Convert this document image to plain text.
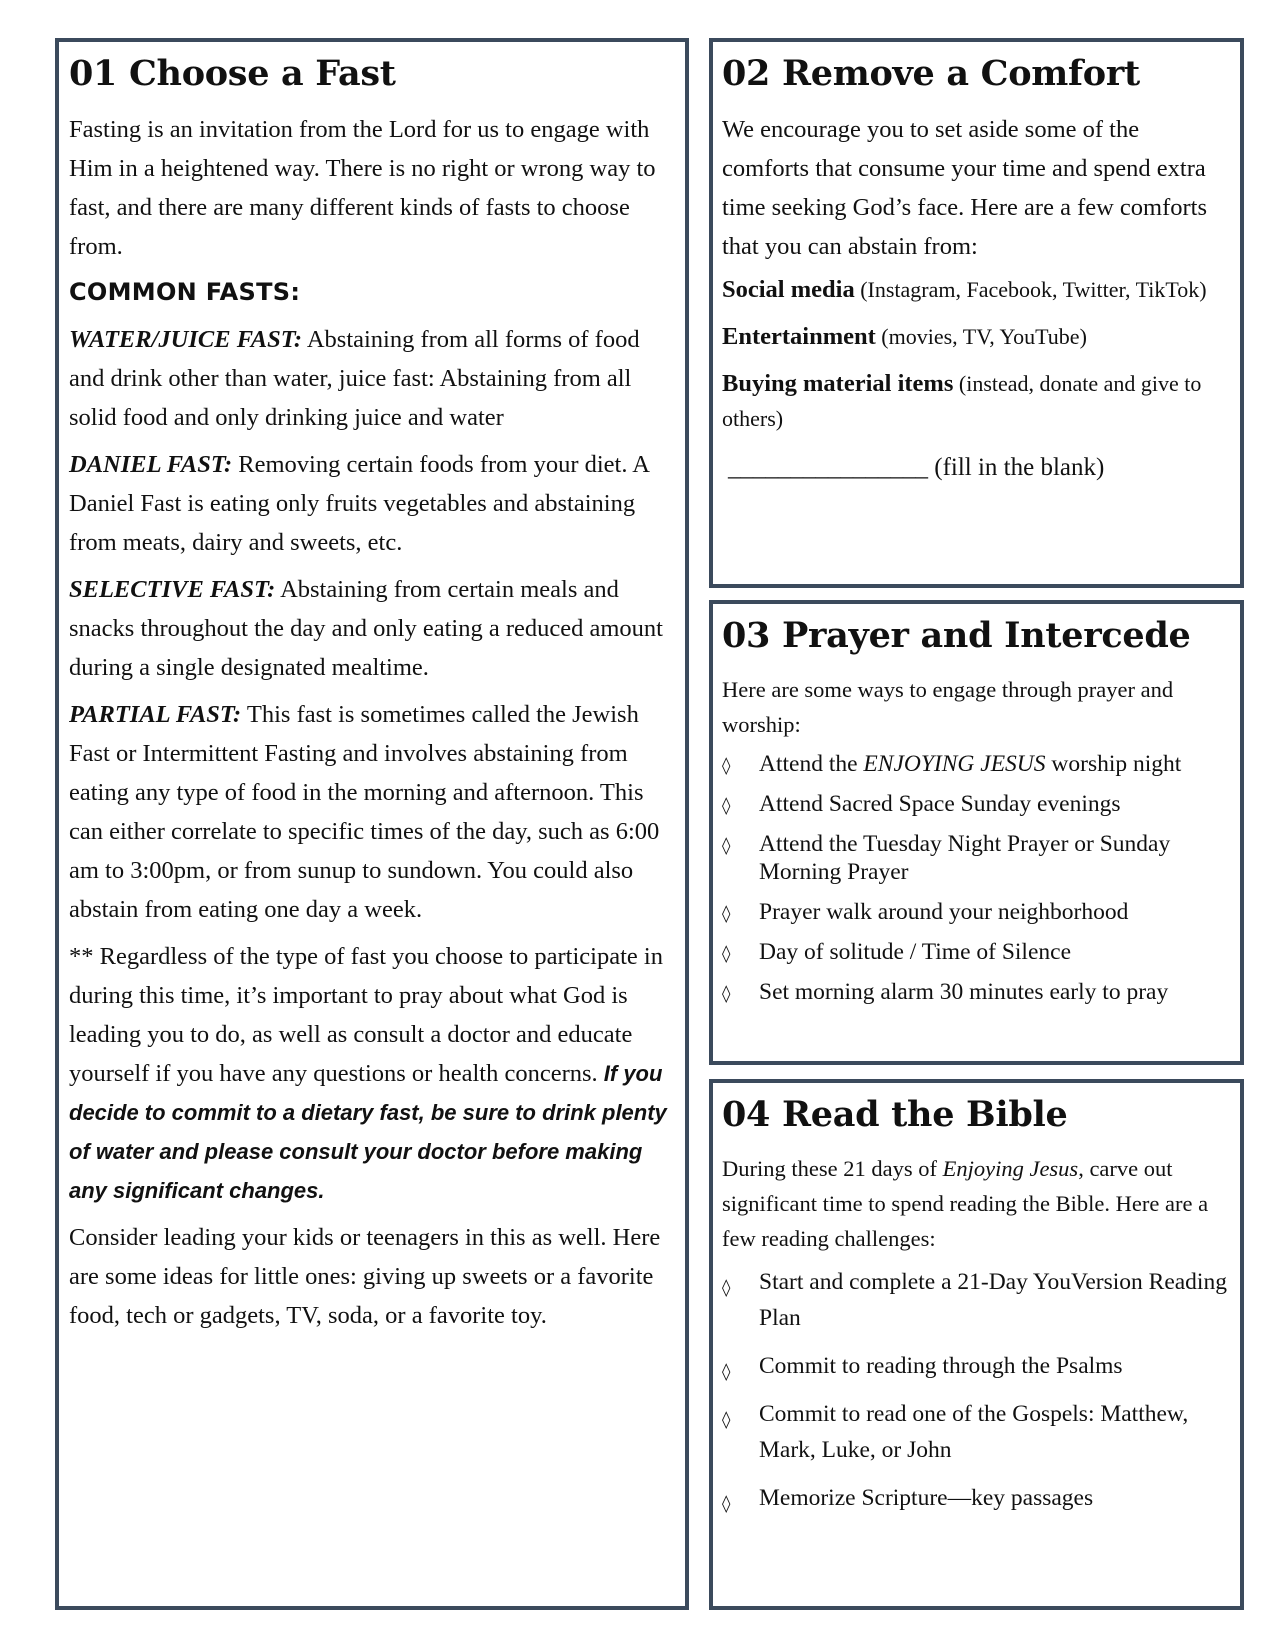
01 Choose a Fast

Fasting is an invitation from the Lord for us to engage with Him in a heightened way. There is no right or wrong way to fast, and there are many different kinds of fasts to choose from.

COMMON FASTS:

WATER/JUICE FAST: Abstaining from all forms of food and drink other than water, juice fast: Abstaining from all solid food and only drinking juice and water

DANIEL FAST: Removing certain foods from your diet. A Daniel Fast is eating only fruits vegetables and abstaining from meats, dairy and sweets, etc.

SELECTIVE FAST: Abstaining from certain meals and snacks throughout the day and only eating a reduced amount during a single designated mealtime.

PARTIAL FAST: This fast is sometimes called the Jewish Fast or Intermittent Fasting and involves abstaining from eating any type of food in the morning and afternoon. This can either correlate to specific times of the day, such as 6:00 am to 3:00pm, or from sunup to sundown. You could also abstain from eating one day a week.

** Regardless of the type of fast you choose to participate in during this time, it’s important to pray about what God is leading you to do, as well as consult a doctor and educate yourself if you have any questions or health concerns. If you decide to commit to a dietary fast, be sure to drink plenty of water and please consult your doctor before making any significant changes.

Consider leading your kids or teenagers in this as well. Here are some ideas for little ones: giving up sweets or a favorite food, tech or gadgets, TV, soda, or a favorite toy.

02 Remove a Comfort

We encourage you to set aside some of the comforts that consume your time and spend extra time seeking God’s face. Here are a few comforts that you can abstain from:

Social media (Instagram, Facebook, Twitter, TikTok)

Entertainment (movies, TV, YouTube)

Buying material items (instead, donate and give to others)

________________ (fill in the blank)

03 Prayer and Intercede

Here are some ways to engage through prayer and worship:

◊ Attend the ENJOYING JESUS worship night
◊ Attend Sacred Space Sunday evenings
◊ Attend the Tuesday Night Prayer or Sunday Morning Prayer
◊ Prayer walk around your neighborhood
◊ Day of solitude / Time of Silence
◊ Set morning alarm 30 minutes early to pray
04 Read the Bible

During these 21 days of Enjoying Jesus, carve out significant time to spend reading the Bible. Here are a few reading challenges:

◊ Start and complete a 21-Day YouVersion Reading Plan
◊ Commit to reading through the Psalms
◊ Commit to read one of the Gospels: Matthew, Mark, Luke, or John
◊ Memorize Scripture—key passages
